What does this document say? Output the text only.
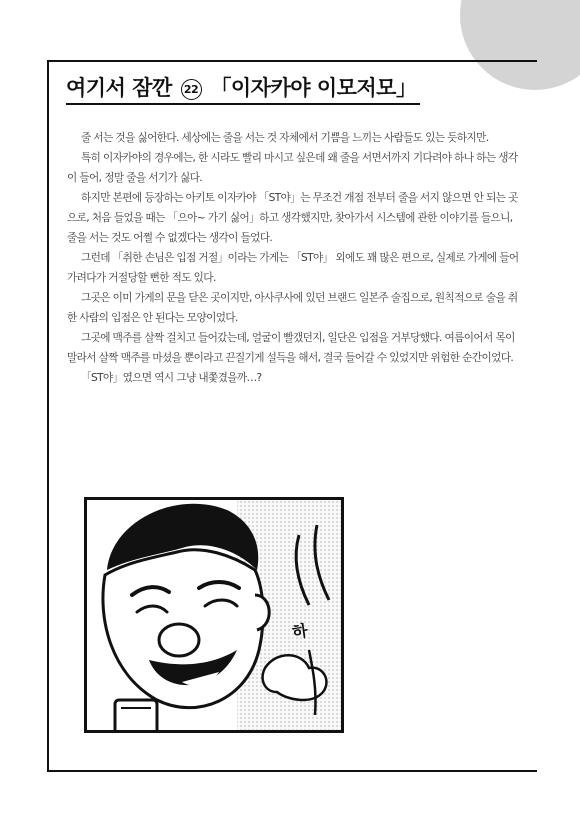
여기서 잠깐 22 「이자카야 이모저모」

줄 서는 것을 싫어한다. 세상에는 줄을 서는 것 자체에서 기쁨을 느끼는 사람들도 있는 듯하지만.

특히 이자카야의 경우에는, 한 시라도 빨리 마시고 싶은데 왜 줄을 서면서까지 기다려야 하나 하는 생각이 들어, 정말 줄을 서기가 싫다.

하지만 본편에 등장하는 아키토 이자카야 「ST야」는 무조건 개점 전부터 줄을 서지 않으면 안 되는 곳으로, 처음 들었을 때는 「으아~ 가기 싫어」하고 생각했지만, 찾아가서 시스템에 관한 이야기를 들으니, 줄을 서는 것도 어쩔 수 없겠다는 생각이 들었다.

그런데 「취한 손님은 입점 거절」이라는 가게는 「ST야」 외에도 꽤 많은 편으로, 실제로 가게에 들어가려다가 거절당할 뻔한 적도 있다.

그곳은 이미 가게의 문을 닫은 곳이지만, 아사쿠사에 있던 브랜드 일본주 술집으로, 원칙적으로 술을 취한 사람의 입점은 안 된다는 모양이었다.

그곳에 맥주를 살짝 걸치고 들어갔는데, 얼굴이 빨갰던지, 일단은 입점을 거부당했다. 여름이어서 목이 말라서 살짝 맥주를 마셨을 뿐이라고 끈질기게 설득을 해서, 결국 들어갈 수 있었지만 위험한 순간이었다.

「ST야」였으면 역시 그냥 내쫓겼을까…?

하
